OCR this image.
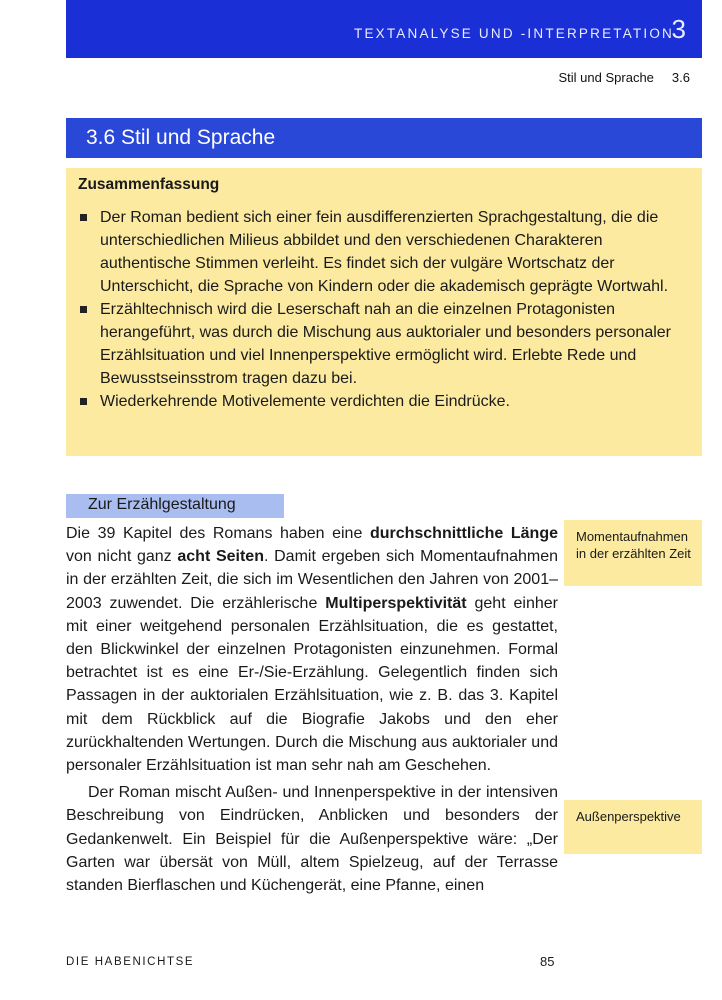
TEXTANALYSE UND -INTERPRETATION
3
Stil und Sprache 3.6
3.6 Stil und Sprache
Zusammenfassung
Der Roman bedient sich einer fein ausdifferenzierten Sprachgestaltung, die die unterschiedlichen Milieus abbildet und den verschiedenen Charakteren authentische Stimmen verleiht. Es findet sich der vulgäre Wortschatz der Unterschicht, die Sprache von Kindern oder die akademisch geprägte Wortwahl.
Erzähltechnisch wird die Leserschaft nah an die einzelnen Protagonisten herangeführt, was durch die Mischung aus auktorialer und besonders personaler Erzählsituation und viel Innenperspektive ermöglicht wird. Erlebte Rede und Bewusstseinsstrom tragen dazu bei.
Wiederkehrende Motivelemente verdichten die Eindrücke.
Zur Erzählgestaltung

Die 39 Kapitel des Romans haben eine durchschnittliche Länge von nicht ganz acht Seiten. Damit ergeben sich Momentaufnahmen in der erzählten Zeit, die sich im Wesentlichen den Jahren von 2001–2003 zuwendet. Die erzählerische Multiperspektivität geht einher mit einer weitgehend personalen Erzählsituation, die es gestattet, den Blickwinkel der einzelnen Protagonisten einzunehmen. Formal betrachtet ist es eine Er-/Sie-Erzählung. Gelegentlich finden sich Passagen in der auktorialen Erzählsituation, wie z. B. das 3. Kapitel mit dem Rückblick auf die Biografie Jakobs und den eher zurückhaltenden Wertungen. Durch die Mischung aus auktorialer und personaler Erzählsituation ist man sehr nah am Geschehen.

Der Roman mischt Außen- und Innenperspektive in der intensiven Beschreibung von Eindrücken, Anblicken und besonders der Gedankenwelt. Ein Beispiel für die Außenperspektive wäre: „Der Garten war übersät von Müll, altem Spielzeug, auf der Terrasse standen Bierflaschen und Küchengerät, eine Pfanne, einen

Momentaufnahmen in der erzählten Zeit
Außenperspektive
DIE HABENICHTSE	85
